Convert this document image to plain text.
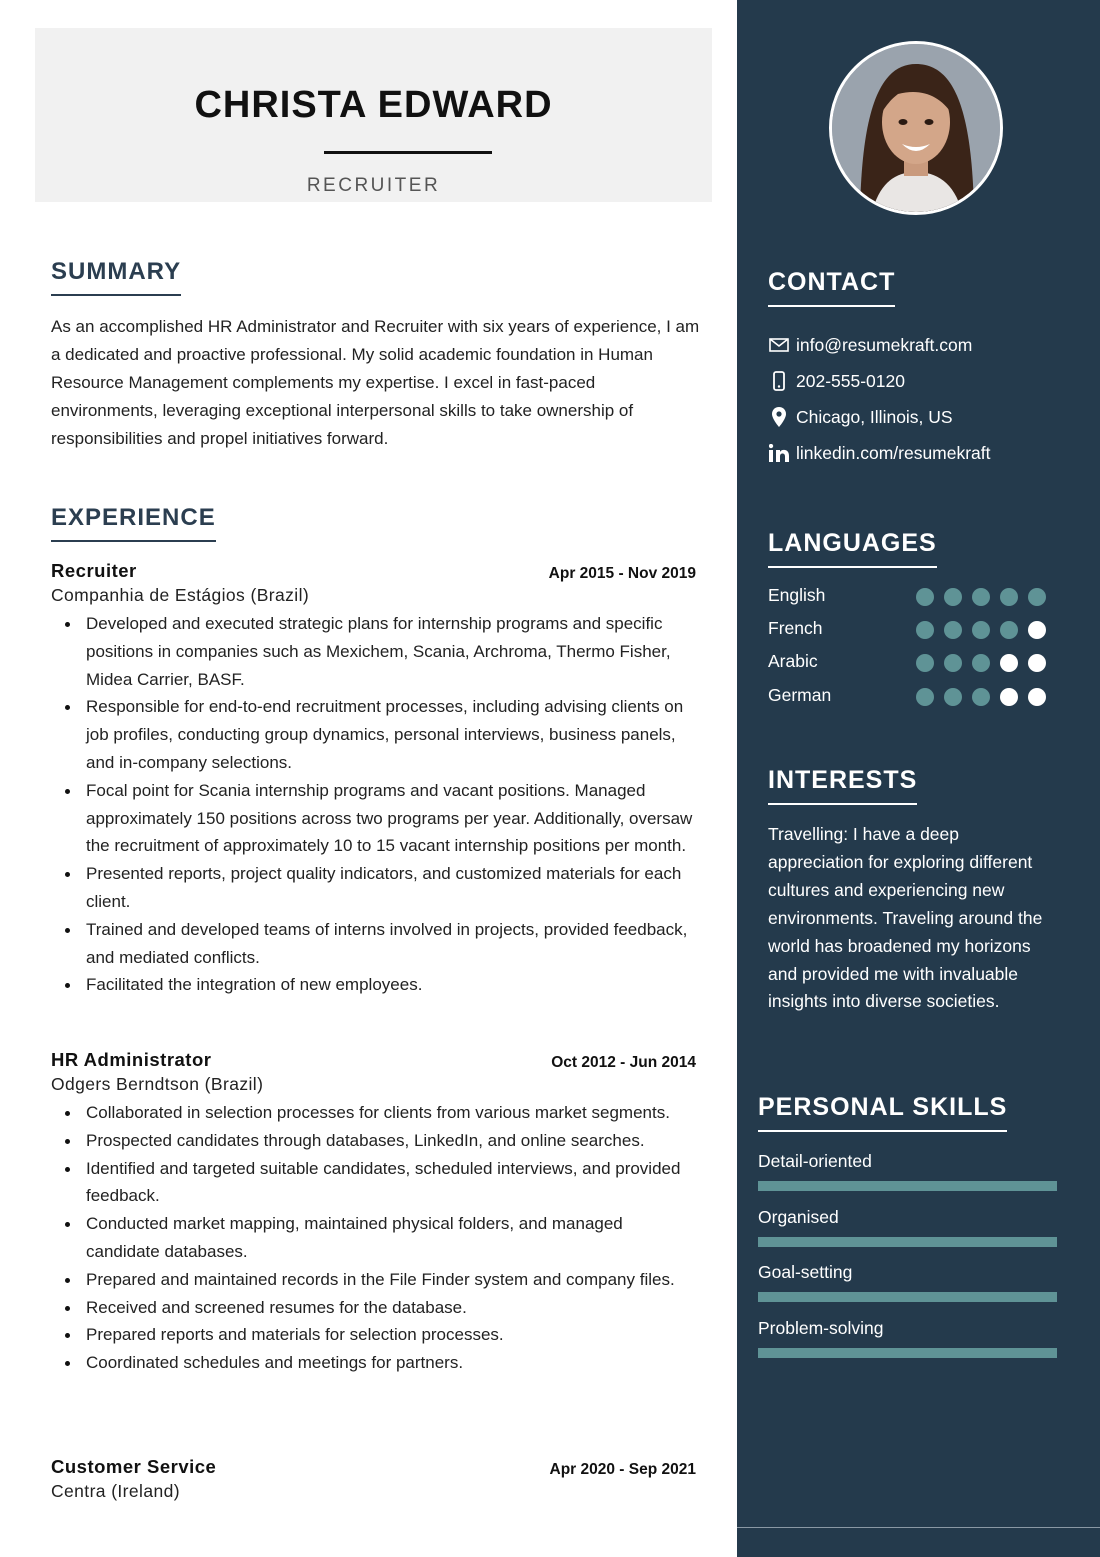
CHRISTA EDWARD
RECRUITER
SUMMARY
As an accomplished HR Administrator and Recruiter with six years of experience, I am a dedicated and proactive professional. My solid academic foundation in Human Resource Management complements my expertise. I excel in fast-paced environments, leveraging exceptional interpersonal skills to take ownership of responsibilities and propel initiatives forward.
EXPERIENCE
Recruiter	Apr 2015 - Nov 2019
Companhia de Estágios (Brazil)
Developed and executed strategic plans for internship programs and specific positions in companies such as Mexichem, Scania, Archroma, Thermo Fisher, Midea Carrier, BASF.
Responsible for end-to-end recruitment processes, including advising clients on job profiles, conducting group dynamics, personal interviews, business panels, and in-company selections.
Focal point for Scania internship programs and vacant positions. Managed approximately 150 positions across two programs per year. Additionally, oversaw the recruitment of approximately 10 to 15 vacant internship positions per month.
Presented reports, project quality indicators, and customized materials for each client.
Trained and developed teams of interns involved in projects, provided feedback, and mediated conflicts.
Facilitated the integration of new employees.
HR Administrator	Oct 2012 - Jun 2014
Odgers Berndtson (Brazil)
Collaborated in selection processes for clients from various market segments.
Prospected candidates through databases, LinkedIn, and online searches.
Identified and targeted suitable candidates, scheduled interviews, and provided feedback.
Conducted market mapping, maintained physical folders, and managed candidate databases.
Prepared and maintained records in the File Finder system and company files.
Received and screened resumes for the database.
Prepared reports and materials for selection processes.
Coordinated schedules and meetings for partners.
Customer Service	Apr 2020 - Sep 2021
Centra (Ireland)
CONTACT
info@resumekraft.com
202-555-0120
Chicago, Illinois, US
linkedin.com/resumekraft
LANGUAGES
English
French
Arabic
German
INTERESTS
Travelling: I have a deep appreciation for exploring different cultures and experiencing new environments. Traveling around the world has broadened my horizons and provided me with invaluable insights into diverse societies.
PERSONAL SKILLS
Detail-oriented
Organised
Goal-setting
Problem-solving
